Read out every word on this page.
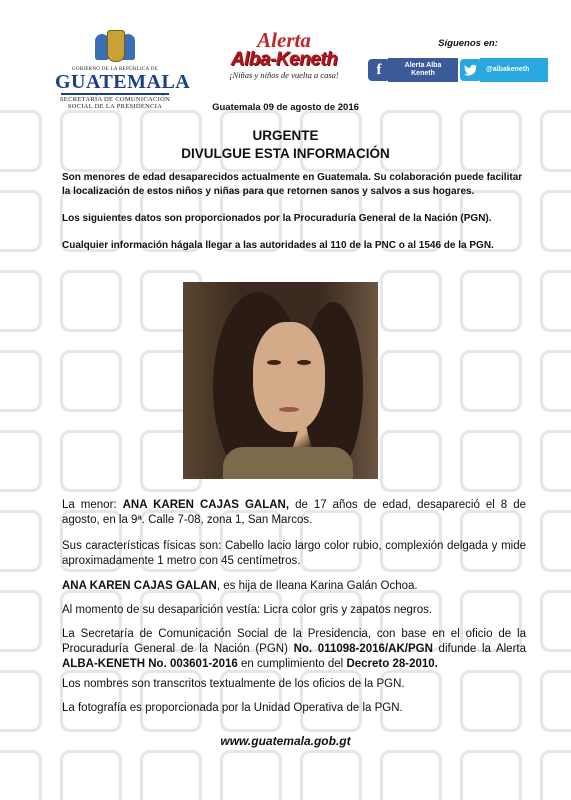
GOBIERNO DE LA REPÚBLICA DE
GUATEMALA
SECRETARÍA DE COMUNICACIÓN
SOCIAL DE LA PRESIDENCIA
Alerta
Alba-Keneth
¡Niñas y niños de vuelta a casa!
Síguenos en:
f	Alerta Alba Keneth
@albakeneth
Guatemala 09 de agosto de 2016
URGENTE
DIVULGUE ESTA INFORMACIÓN
Son menores de edad desaparecidos actualmente en Guatemala. Su colaboración puede facilitar la localización de estos niños y niñas para que retornen sanos y salvos a sus hogares.
Los siguientes datos son proporcionados por la Procuraduría General de la Nación (PGN).
Cualquier información hágala llegar a las autoridades al 110 de la PNC o al 1546 de la PGN.
La menor: ANA KAREN CAJAS GALAN, de 17 años de edad, desapareció el 8 de agosto, en la 9ª. Calle 7-08, zona 1, San Marcos.
Sus características físicas son: Cabello lacio largo color rubio, complexión delgada y mide aproximadamente 1 metro con 45 centímetros.
ANA KAREN CAJAS GALAN, es hija de Ileana Karina Galán Ochoa.
Al momento de su desaparición vestía: Licra color gris y zapatos negros.
La Secretaría de Comunicación Social de la Presidencia, con base en el oficio de la Procuraduría General de la Nación (PGN) No. 011098-2016/AK/PGN difunde la Alerta ALBA-KENETH No. 003601-2016 en cumplimiento del Decreto 28-2010.
Los nombres son transcritos textualmente de los oficios de la PGN.
La fotografía es proporcionada por la Unidad Operativa de la PGN.
www.guatemala.gob.gt
